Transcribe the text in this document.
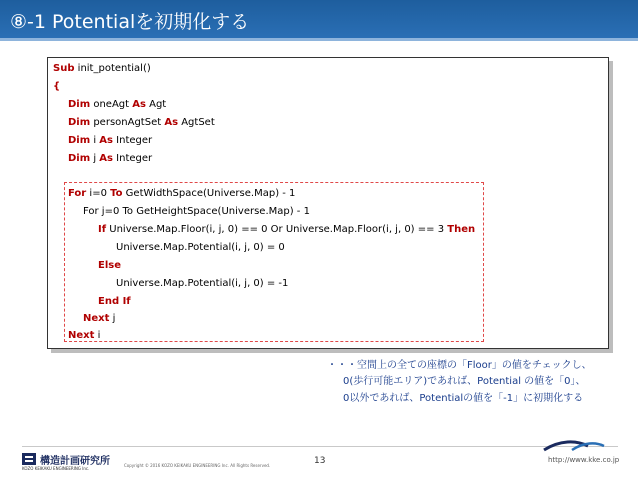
⑧-1 Potentialを初期化する
Sub init_potential()
{
Dim oneAgt As Agt
Dim personAgtSet As AgtSet
Dim i As Integer
Dim j As Integer
For i=0 To GetWidthSpace(Universe.Map) - 1
For j=0 To GetHeightSpace(Universe.Map) - 1
If Universe.Map.Floor(i, j, 0) == 0 Or Universe.Map.Floor(i, j, 0) == 3 Then
Universe.Map.Potential(i, j, 0) = 0
Else
Universe.Map.Potential(i, j, 0) = -1
End If
Next j
Next i
・・・空間上の全ての座標の「Floor」の値をチェックし、
0(歩行可能エリア)であれば、Potential の値を「0」、
0以外であれば、Potentialの値を「-1」に初期化する
構造計画研究所
KOZO KEIKAKU ENGINEERING Inc.
Copyright © 2016 KOZO KEIKAKU ENGINEERING Inc. All Rights Reserved.	13	http://www.kke.co.jp
